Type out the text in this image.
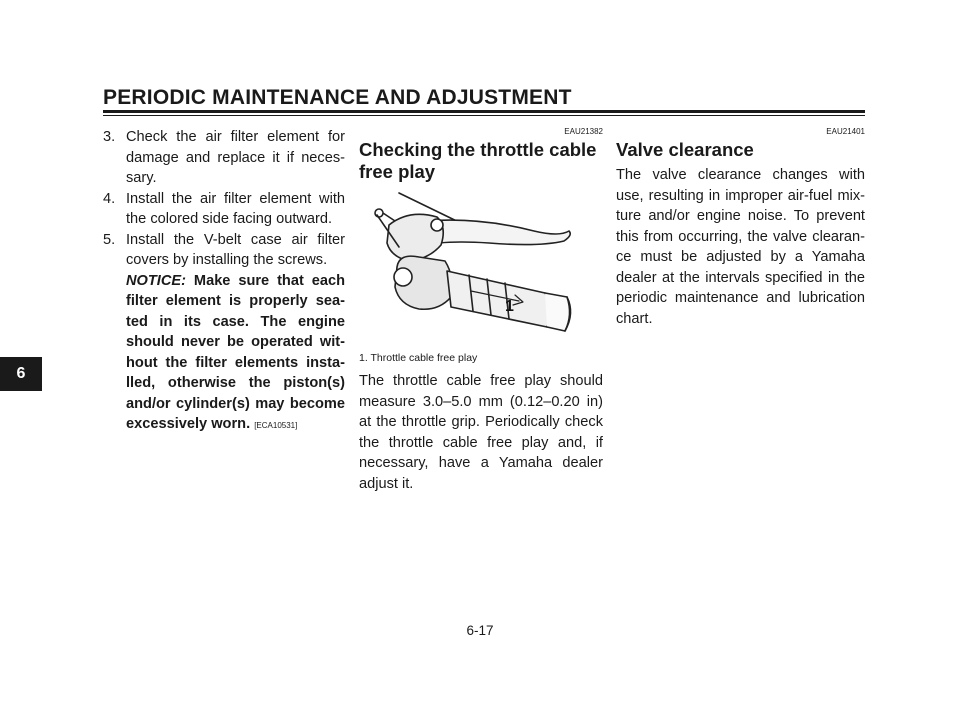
PERIODIC MAINTENANCE AND ADJUSTMENT
6
3. Check the air filter element for damage and replace it if neces-sary.
4. Install the air filter element with the colored side facing outward.
5. Install the V-belt case air filter covers by installing the screws.
NOTICE: Make sure that each filter element is properly sea-ted in its case. The engine should never be operated wit-hout the filter elements insta-lled, otherwise the piston(s) and/or cylinder(s) may become excessively worn. [ECA10531]
EAU21382
Checking the throttle cable free play
1
1. Throttle cable free play
The throttle cable free play should measure 3.0–5.0 mm (0.12–0.20 in) at the throttle grip. Periodically check the throttle cable free play and, if necessary, have a Yamaha dealer adjust it.
EAU21401
Valve clearance
The valve clearance changes with use, resulting in improper air-fuel mix-ture and/or engine noise. To prevent this from occurring, the valve clearan-ce must be adjusted by a Yamaha dealer at the intervals specified in the periodic maintenance and lubrication chart.
6-17
